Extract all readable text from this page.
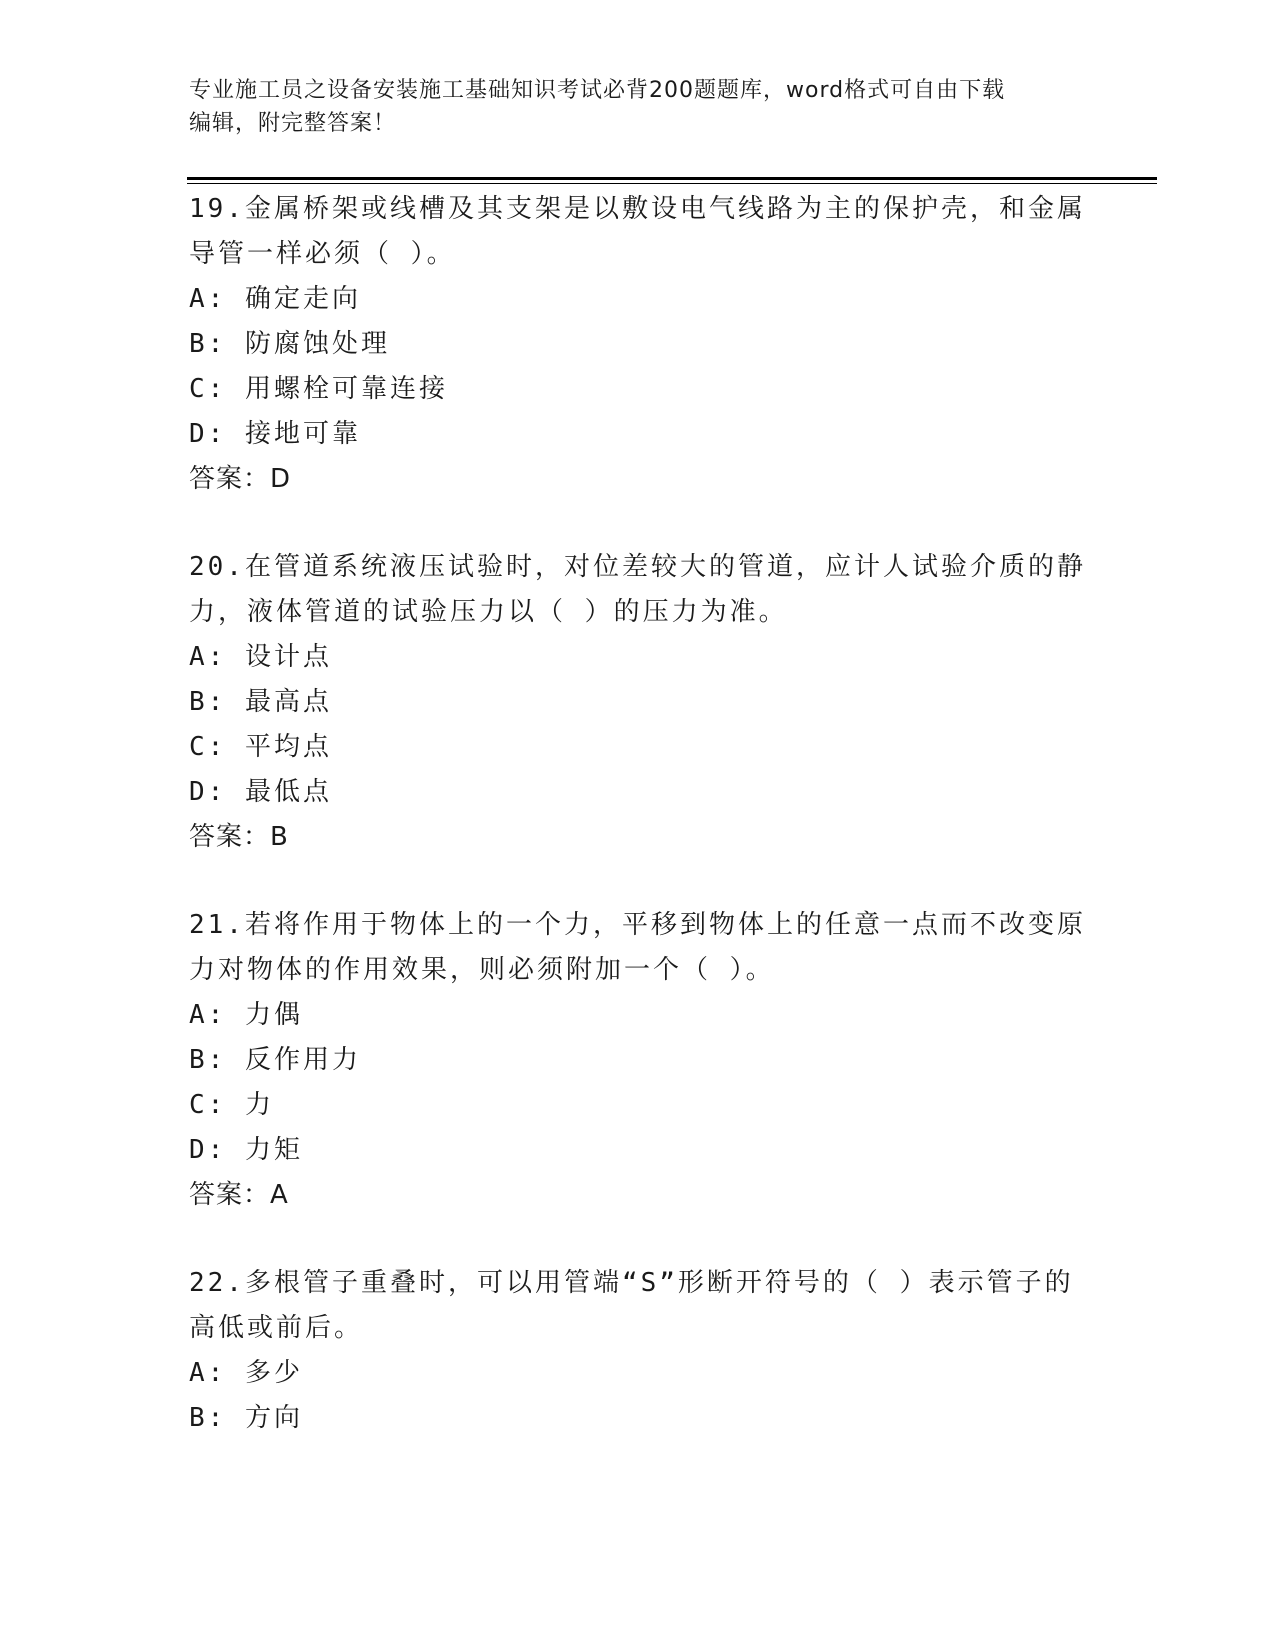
专业施工员之设备安装施工基础知识考试必背200题题库，word格式可自由下载
编辑，附完整答案！
19.金属桥架或线槽及其支架是以敷设电气线路为主的保护壳，和金属
导管一样必须（ ）。
A: 确定走向
B: 防腐蚀处理
C: 用螺栓可靠连接
D: 接地可靠
答案：D
20.在管道系统液压试验时，对位差较大的管道，应计人试验介质的静
力，液体管道的试验压力以（ ）的压力为准。
A: 设计点
B: 最高点
C: 平均点
D: 最低点
答案：B
21.若将作用于物体上的一个力，平移到物体上的任意一点而不改变原
力对物体的作用效果，则必须附加一个（ ）。
A: 力偶
B: 反作用力
C: 力
D: 力矩
答案：A
22.多根管子重叠时，可以用管端“S”形断开符号的（ ）表示管子的
高低或前后。
A: 多少
B: 方向
